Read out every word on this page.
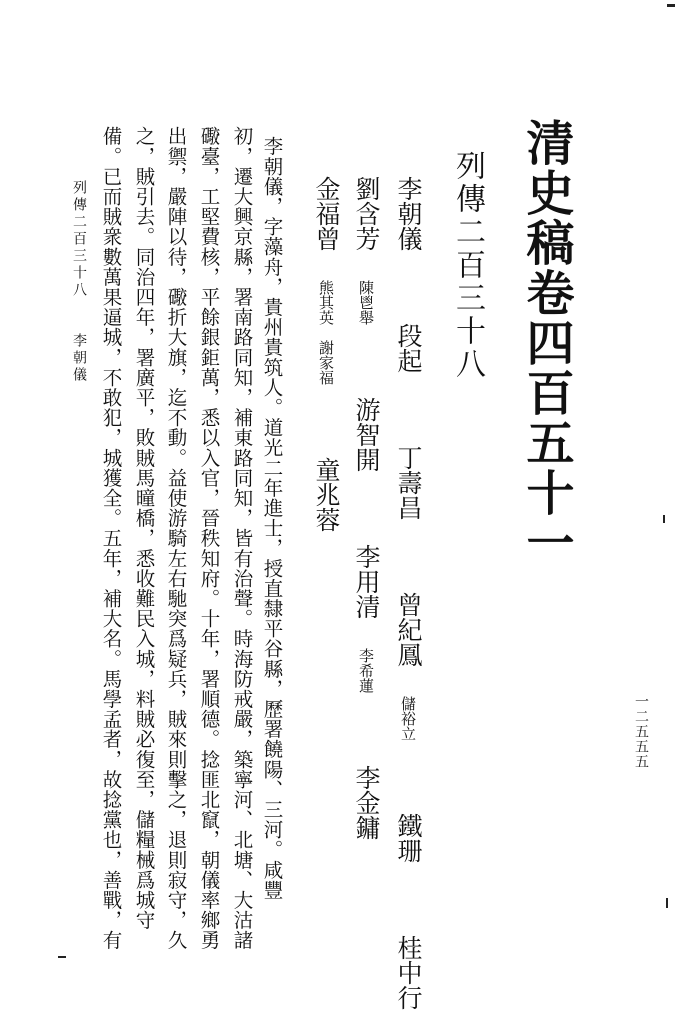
清史稿卷四百五十一
列傳二百三十八
李朝儀  段起  丁壽昌  曾紀鳳 儲裕立  鐵珊  桂中行
劉含芳 陳鬯舉  游智開  李用清 李希蓮  李金鏞
金福曾 熊其英　謝家福  童兆蓉
李朝儀，字藻舟，貴州貴筑人。道光二年進士，授直隸平谷縣，歷署饒陽、三河。咸豐
初，遷大興京縣，署南路同知，補東路同知，皆有治聲。時海防戒嚴，築寧河、北塘、大沽諸
礮臺，工堅費核，平餘銀鉅萬，悉以入官，晉秩知府。十年，署順德。捻匪北竄，朝儀率鄉勇
出禦，嚴陣以待，礮折大旗，迄不動。益使游騎左右馳突爲疑兵，賊來則擊之，退則寂守，久
之，賊引去。同治四年，署廣平，敗賊馬曈橋，悉收難民入城，料賊必復至，儲糧械爲城守
備。已而賊衆數萬果逼城，不敢犯，城獲全。五年，補大名。馬學孟者，故捻黨也，善戰，有
列傳二百三十八　　李朝儀
一二五五五
